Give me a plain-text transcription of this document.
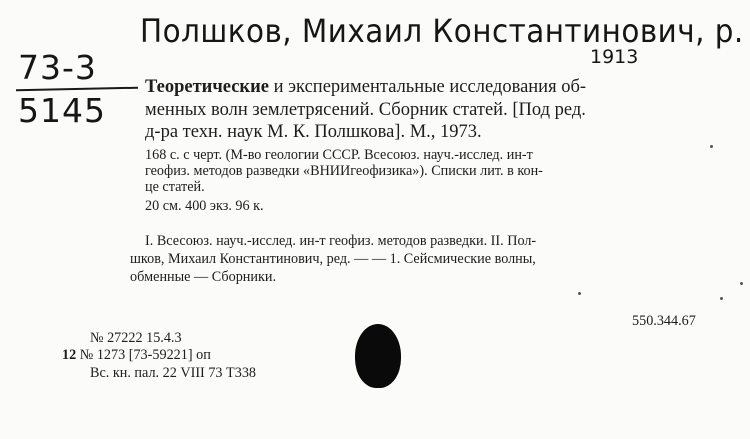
Полшков, Михаил Константинович, р.
1913
73-3
5145
Теоретические и экспериментальные исследования об-
менных волн землетрясений. Сборник статей. [Под ред.
д-ра техн. наук М. К. Полшкова]. М., 1973.
168 с. с черт. (М-во геологии СССР. Всесоюз. науч.-исслед. ин-т
геофиз. методов разведки «ВНИИгеофизика»). Списки лит. в кон-
це статей.
20 см. 400 экз. 96 к.
I. Всесоюз. науч.-исслед. ин-т геофиз. методов разведки. II. Пол-
шков, Михаил Константинович, ред. — — 1. Сейсмические волны,
обменные — Сборники.
550.344.67
№ 27222 15.4.3
12 № 1273 [73-59221] оп
Вс. кн. пал. 22 VIII 73 Т338
